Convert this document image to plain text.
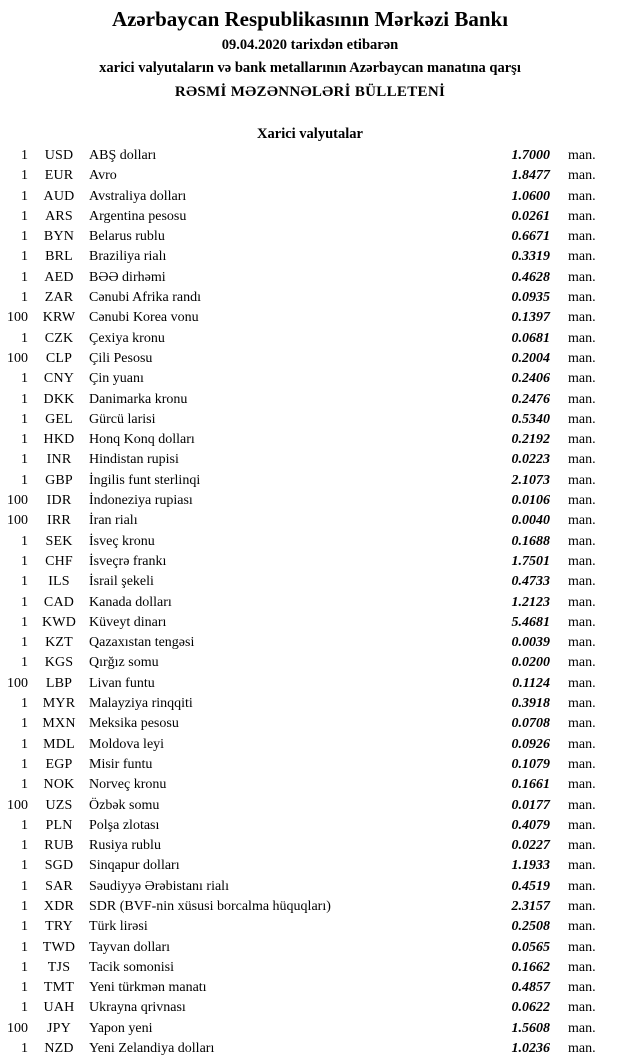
Azərbaycan Respublikasının Mərkəzi Bankı
09.04.2020 tarixdən etibarən
xarici valyutaların və bank metallarının Azərbaycan manatına qarşı
RƏSMİ MƏZƏNNƏLƏRİ BÜLLETENİ
Xarici valyutalar
1	USD	ABŞ dolları	1.7000 man.
1	EUR	Avro	1.8477 man.
1	AUD	Avstraliya dolları	1.0600 man.
1	ARS	Argentina pesosu	0.0261 man.
1	BYN	Belarus rublu	0.6671 man.
1	BRL	Braziliya rialı	0.3319 man.
1	AED	BƏƏ dirhəmi	0.4628 man.
1	ZAR	Cənubi Afrika randı	0.0935 man.
100	KRW Cənubi Korea vonu	0.1397 man.
1	CZK	Çexiya kronu	0.0681 man.
100	CLP	Çili Pesosu	0.2004 man.
1	CNY	Çin yuanı	0.2406 man.
1	DKK	Danimarka kronu	0.2476 man.
1	GEL	Gürcü larisi	0.5340 man.
1	HKD	Honq Konq dolları	0.2192 man.
1	INR	Hindistan rupisi	0.0223 man.
1	GBP	İngilis funt sterlinqi	2.1073 man.
100	IDR	İndoneziya rupiası	0.0106 man.
100	IRR	İran rialı	0.0040 man.
1	SEK	İsveç kronu	0.1688 man.
1	CHF	İsveçrə frankı	1.7501 man.
1	ILS	İsrail şekeli	0.4733 man.
1	CAD	Kanada dolları	1.2123 man.
1 KWD Küveyt dinarı	5.4681 man.
1	KZT	Qazaxıstan tengəsi	0.0039 man.
1	KGS	Qırğız somu	0.0200 man.
100	LBP	Livan funtu	0.1124 man.
1	MYR Malayziya rinqqiti	0.3918 man.
1	MXN Meksika pesosu	0.0708 man.
1	MDL	Moldova leyi	0.0926 man.
1	EGP	Misir funtu	0.1079 man.
1	NOK	Norveç kronu	0.1661 man.
100	UZS	Özbək somu	0.0177 man.
1	PLN	Polşa zlotası	0.4079 man.
1	RUB	Rusiya rublu	0.0227 man.
1	SGD	Sinqapur dolları	1.1933 man.
1	SAR	Səudiyyə Ərəbistanı rialı	0.4519 man.
1	XDR	SDR (BVF-nin xüsusi borcalma hüquqları)	2.3157 man.
1	TRY	Türk lirəsi	0.2508 man.
1	TWD Tayvan dolları	0.0565 man.
1	TJS	Tacik somonisi	0.1662 man.
1	TMT	Yeni türkmən manatı	0.4857 man.
1	UAH	Ukrayna qrivnası	0.0622 man.
100	JPY	Yapon yeni	1.5608 man.
1	NZD	Yeni Zelandiya dolları	1.0236 man.
